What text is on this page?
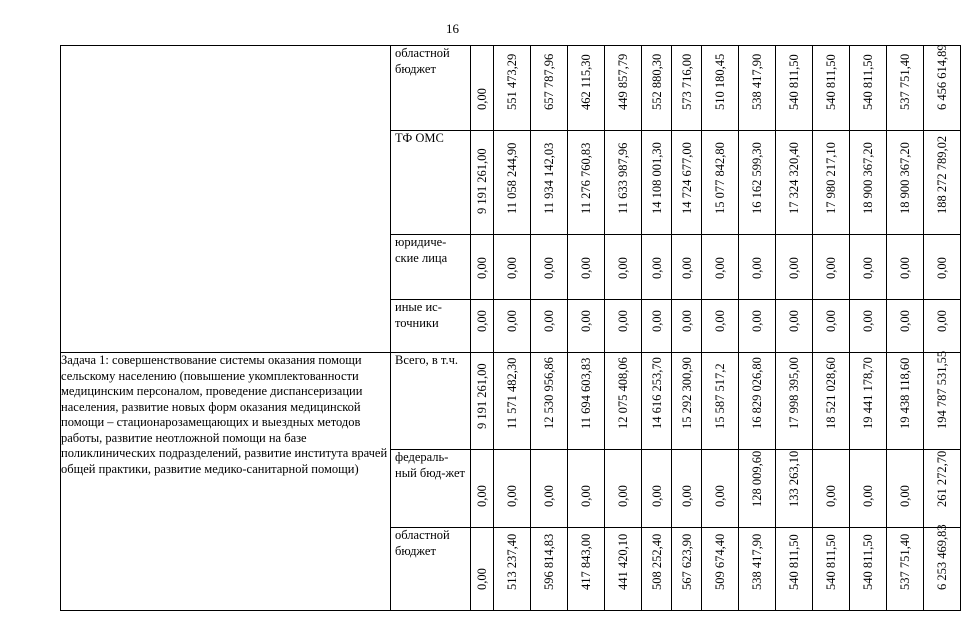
16

	областной бюджет	0,00	551 473,29	657 787,96	462 115,30	449 857,79	552 880,30	573 716,00	510 180,45	538 417,90	540 811,50	540 811,50	540 811,50	537 751,40	6 456 614,89

	ТФ ОМС	9 191 261,00	11 058 244,90	11 934 142,03	11 276 760,83	11 633 987,96	14 108 001,30	14 724 677,00	15 077 842,80	16 162 599,30	17 324 320,40	17 980 217,10	18 900 367,20	18 900 367,20	188 272 789,02

	юридиче-ские лица	0,00	0,00	0,00	0,00	0,00	0,00	0,00	0,00	0,00	0,00	0,00	0,00	0,00	0,00

	иные ис-точники	0,00	0,00	0,00	0,00	0,00	0,00	0,00	0,00	0,00	0,00	0,00	0,00	0,00	0,00

Задача 1: совершенствование системы оказания помощи сельскому населению (повышение укомплектованности медицинским персоналом, проведение диспансеризации населения, развитие новых форм оказания медицинской помощи – стационарозамещающих и выездных методов работы, развитие неотложной помощи на базе поликлинических подразделений, развитие института врачей общей практики, развитие медико-санитарной помощи)	Всего, в т.ч.	9 191 261,00	11 571 482,30	12 530 956,86	11 694 603,83	12 075 408,06	14 616 253,70	15 292 300,90	15 587 517,2	16 829 026,80	17 998 395,00	18 521 028,60	19 441 178,70	19 438 118,60	194 787 531,55

	федераль-ный бюд-жет	0,00	0,00	0,00	0,00	0,00	0,00	0,00	0,00	128 009,60	133 263,10	0,00	0,00	0,00	261 272,70

	областной бюджет	0,00	513 237,40	596 814,83	417 843,00	441 420,10	508 252,40	567 623,90	509 674,40	538 417,90	540 811,50	540 811,50	540 811,50	537 751,40	6 253 469,83
